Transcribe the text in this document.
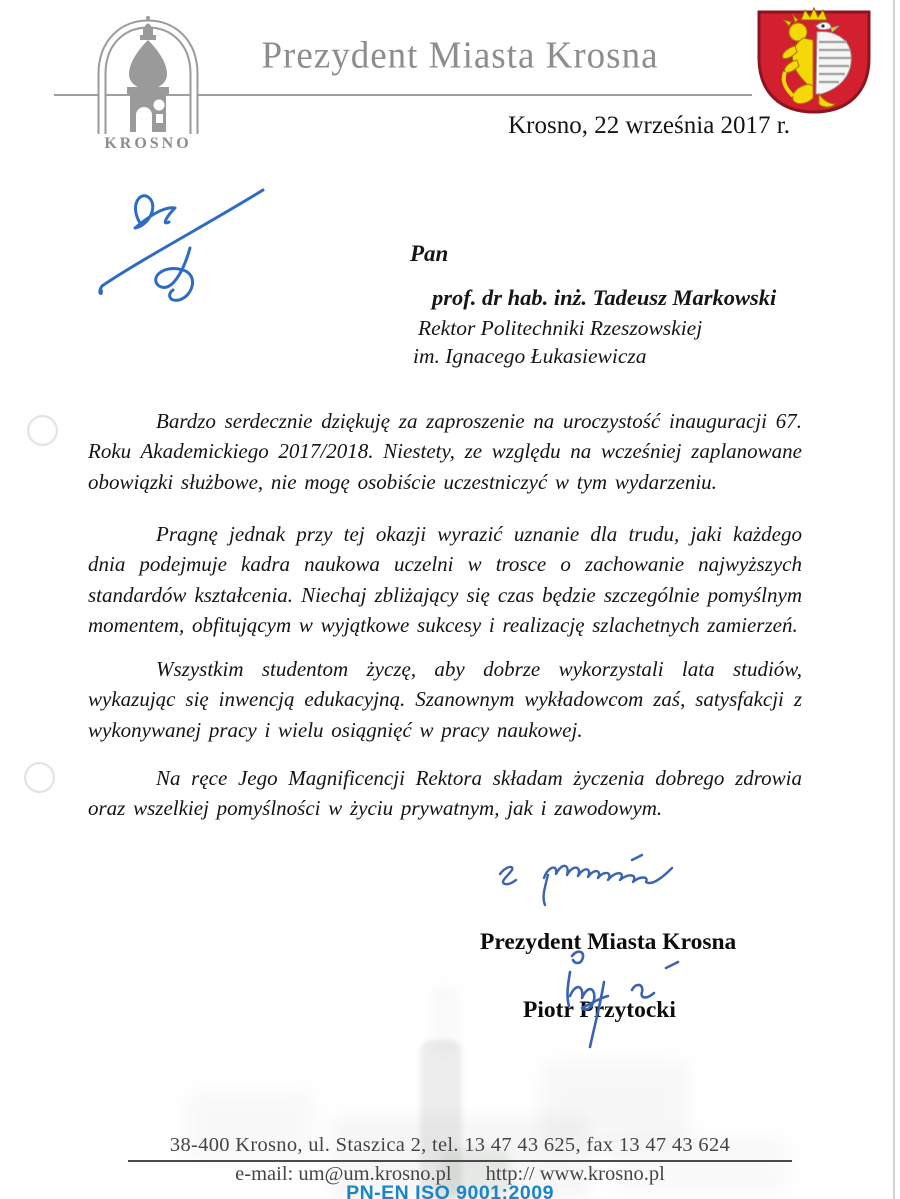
KROSNO
Prezydent Miasta Krosna
Krosno, 22 września 2017 r.

Pan

prof. dr hab. inż. Tadeusz Markowski

Rektor Politechniki Rzeszowskiej

im. Ignacego Łukasiewicza

Bardzo serdecznie dziękuję za zaproszenie na uroczystość inauguracji 67. Roku Akademickiego 2017/2018. Niestety, ze względu na wcześniej zaplanowane obowiązki służbowe, nie mogę osobiście uczestniczyć w tym wydarzeniu.

Pragnę jednak przy tej okazji wyrazić uznanie dla trudu, jaki każdego dnia podejmuje kadra naukowa uczelni w trosce o zachowanie najwyższych standardów kształcenia. Niechaj zbliżający się czas będzie szczególnie pomyślnym momentem, obfitującym w wyjątkowe sukcesy i realizację szlachetnych zamierzeń.

Wszystkim studentom życzę, aby dobrze wykorzystali lata studiów, wykazując się inwencją edukacyjną. Szanownym wykładowcom zaś, satysfakcji z wykonywanej pracy i wielu osiągnięć w pracy naukowej.

Na ręce Jego Magnificencji Rektora składam życzenia dobrego zdrowia oraz wszelkiej pomyślności w życiu prywatnym, jak i zawodowym.

Prezydent Miasta Krosna
Piotr Przytocki
38-400 Krosno, ul. Staszica 2, tel. 13 47 43 625, fax 13 47 43 624
e-mail: um@um.krosno.pl http:// www.krosno.pl
PN-EN ISO 9001:2009
